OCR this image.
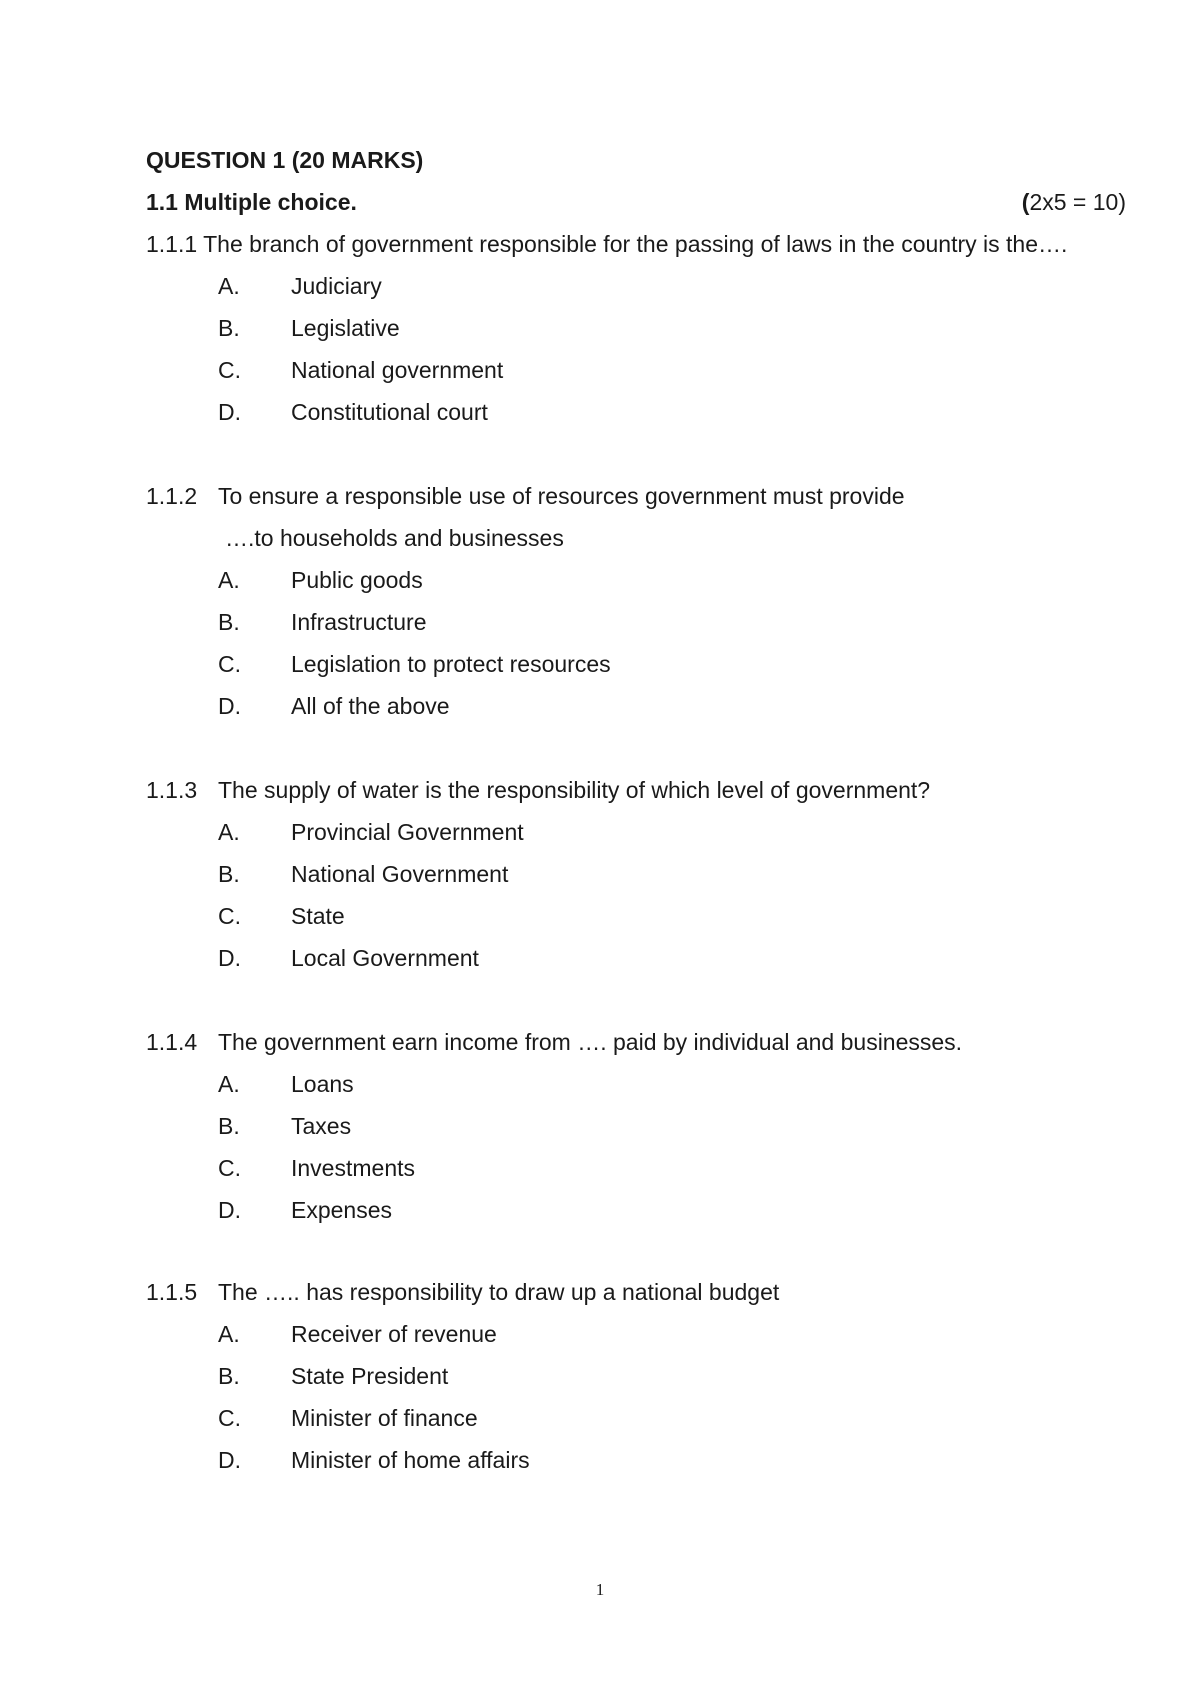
QUESTION 1 (20 MARKS)
1.1 Multiple choice.	(2x5 = 10)
1.1.1 The branch of government responsible for the passing of laws in the country is the….
A. Judiciary
B. Legislative
C. National government
D. Constitutional court
1.1.2 To ensure a responsible use of resources government must provide
….to households and businesses
A. Public goods
B. Infrastructure
C. Legislation to protect resources
D. All of the above
1.1.3 The supply of water is the responsibility of which level of government?
A. Provincial Government
B. National Government
C. State
D. Local Government
1.1.4 The government earn income from …. paid by individual and businesses.
A. Loans
B. Taxes
C. Investments
D. Expenses
1.1.5 The ….. has responsibility to draw up a national budget
A. Receiver of revenue
B. State President
C. Minister of finance
D. Minister of home affairs
1
